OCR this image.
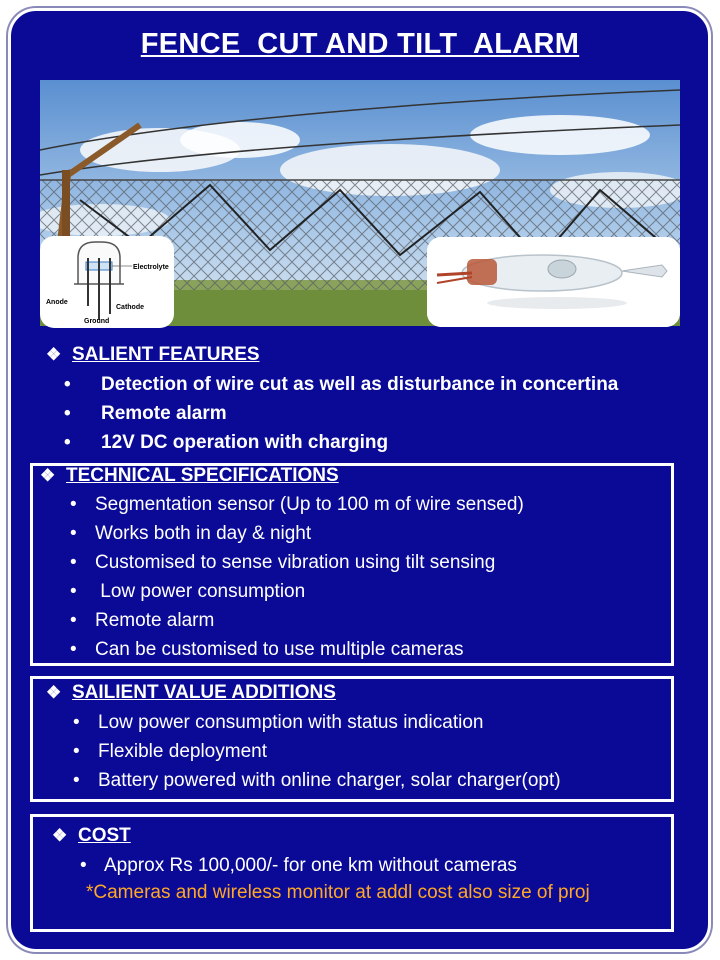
FENCE  CUT AND TILT  ALARM
Electrolyte
Anode
Cathode
Ground
❖ SALIENT FEATURES
• Detection of wire cut as well as disturbance in concertina
• Remote alarm
• 12V DC operation with charging
❖ TECHNICAL SPECIFICATIONS
• Segmentation sensor (Up to 100 m of wire sensed)
• Works both in day & night
• Customised to sense vibration using tilt sensing
• Low power consumption
• Remote alarm
• Can be customised to use multiple cameras
❖ SAILIENT VALUE ADDITIONS
• Low power consumption with status indication
• Flexible deployment
• Battery powered with online charger, solar charger(opt)
❖ COST
• Approx Rs 100,000/- for one km without cameras
*Cameras and wireless monitor at addl cost also size of proj
